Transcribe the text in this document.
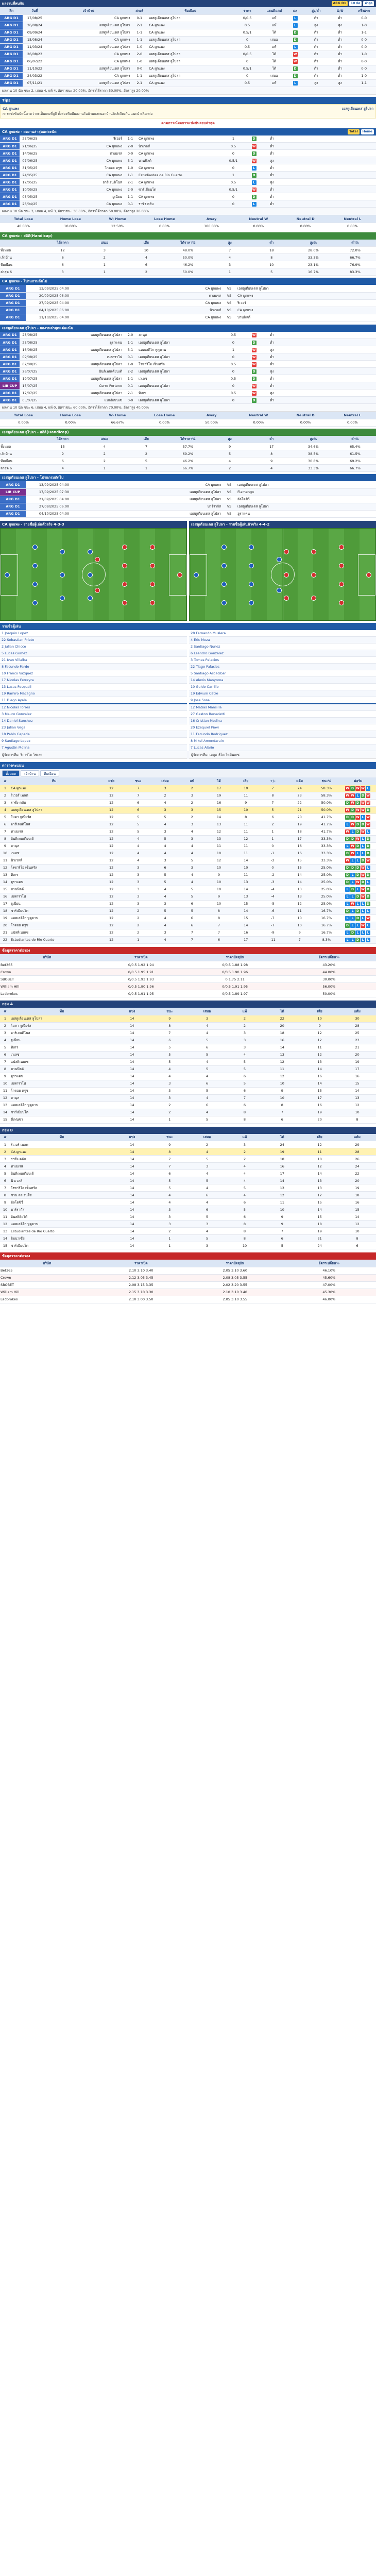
ผลงานที่พบกัน	ARG D1	10 นัด	ล่าสุด
ลีก	วันที่	เจ้าบ้าน	สกอร์	ทีมเยือน	ราคา	แฮนดิแคป	ผล	สูง/ต่ำ	O/U	ครึ่งแรก
ARG D1	17/08/25	CA ผูกแพง	0-1	เอสตูเดียนเตส ลูโปลา	0/0.5	แพ้	L	ต่ำ	ต่ำ	0-0
ARG D1	26/08/24	เอสตูเดียนเตส ลูโปลา	2-1	CA ผูกแพง	0.5	แพ้	L	สูง	สูง	1-0
ARG D1	09/09/24	เอสตูเดียนเตส ลูโปลา	1-1	CA ผูกแพง	0.5/1	ได้	D	ต่ำ	ต่ำ	1-1
ARG D1	15/08/24	CA ผูกแพง	1-1	เอสตูเดียนเตส ลูโปลา	0	เสมอ	D	ต่ำ	ต่ำ	0-0
ARG D1	11/03/24	เอสตูเดียนเตส ลูโปลา	1-0	CA ผูกแพง	0.5	แพ้	L	ต่ำ	ต่ำ	0-0
ARG D1	26/08/23	CA ผูกแพง	2-0	เอสตูเดียนเตส ลูโปลา	0/0.5	ได้	W	ต่ำ	ต่ำ	1-0
ARG D1	06/07/22	CA ผูกแพง	1-0	เอสตูเดียนเตส ลูโปลา	0	ได้	W	ต่ำ	ต่ำ	0-0
ARG D1	11/10/22	เอสตูเดียนเตส ลูโปลา	0-0	CA ผูกแพง	0.5/1	ได้	D	ต่ำ	ต่ำ	0-0
ARG D1	24/03/22	CA ผูกแพง	1-1	เอสตูเดียนเตส ลูโปลา	0	เสมอ	D	ต่ำ	ต่ำ	1-0
ARG D1	07/11/21	เอสตูเดียนเตส ลูโปลา	2-1	CA ผูกแพง	0.5	แพ้	L	สูง	สูง	1-1
ผลงาน 10 นัด ชนะ 2, เสมอ 4, แพ้ 4, อัตราชนะ 20.00%, อัตราได้ราคา 50.00%, อัตราสูง 20.00%
Tips
CA ผูกแพง	เอสตูเดียนเตส ลูโปลา
การแข่งขันนัดนี้คาดว่าจะเป็นเกมที่สูสี ทั้งสองทีมมีผลงานในบ้านและนอกบ้านใกล้เคียงกัน แนะนำเลือกต่อ
คาดการณ์ผลการแข่งขันรอบล่าสุด
CA ผูกแพง - ผลงานล่าสุดแต่ละนัด	Total	Home
ARG D1	27/06/25	ริเวอร์	1-1	CA ผูกแพง	1	D	ต่ำ	
ARG D1	21/06/25	CA ผูกแพง	2-0	นิวเวลส์	0.5	W	ต่ำ	
ARG D1	14/06/25	ทาเยเรส	0-0	CA ผูกแพง	0	D	ต่ำ	
ARG D1	07/06/25	CA ผูกแพง	3-1	บานฟิลด์	0.5/1	W	สูง	
ARG D1	31/05/25	โกดอย ครูซ	1-0	CA ผูกแพง	0	L	ต่ำ	
ARG D1	24/05/25	CA ผูกแพง	1-1	Estudiantes de Rio Cuarto	1	D	ต่ำ	
ARG D1	17/05/25	อาร์เจนติโนส	2-1	CA ผูกแพง	0.5	L	สูง	
ARG D1	10/05/25	CA ผูกแพง	2-0	ซาร์เมียนโต	0.5/1	W	ต่ำ	
ARG D1	03/05/25	ยูเนียน	1-1	CA ผูกแพง	0	D	ต่ำ	
ARG D1	26/04/25	CA ผูกแพง	0-1	ราซิ่ง คลับ	0	L	ต่ำ	
ผลงาน 10 นัด ชนะ 3, เสมอ 4, แพ้ 3, อัตราชนะ 30.00%, อัตราได้ราคา 50.00%, อัตราสูง 20.00%
Total Lose	Home Lose	W- Home	Lose Home	Away	Neutral W	Neutral D	Neutral L
40.00%	10.00%	12.50%	0.00%	100.00%	0.00%	0.00%	0.00%
CA ผูกแพง - สถิติ(Handicap)
	ได้ราคา	เสมอ	เสีย	ได้ราคา%	สูง	ต่ำ	สูง%	ต่ำ%
ทั้งหมด	12	3	10	48.0%	7	18	28.0%	72.0%
เจ้าบ้าน	6	2	4	50.0%	4	8	33.3%	66.7%
ทีมเยือน	6	1	6	46.2%	3	10	23.1%	76.9%
ล่าสุด 6	3	1	2	50.0%	1	5	16.7%	83.3%
CA ผูกแพง - โปรแกรมถัดไป
ARG D1	13/09/2025 04:00	CA ผูกแพง	VS	เอสตูเดียนเตส ลูโปลา
ARG D1	20/09/2025 06:00	ทาเยเรส	VS	CA ผูกแพง
ARG D1	27/09/2025 04:00	CA ผูกแพง	VS	ริเวอร์
ARG D1	04/10/2025 06:00	นิวเวลส์	VS	CA ผูกแพง
ARG D1	11/10/2025 04:00	CA ผูกแพง	VS	บานฟิลด์
เอสตูเดียนเตส ลูโปลา - ผลงานล่าสุดแต่ละนัด
ARG D1	28/08/25	เอสตูเดียนเตส ลูโปลา	2-0	ลานุส	0.5	W	ต่ำ	
ARG D1	23/08/25	ฮูราแคน	1-1	เอสตูเดียนเตส ลูโปลา	0	D	ต่ำ	
ARG D1	16/08/25	เอสตูเดียนเตส ลูโปลา	3-1	แอตเลติโก ทูคูมาน	1	W	สูง	
ARG D1	09/08/25	เบลกราโน่	0-1	เอสตูเดียนเตส ลูโปลา	0	W	ต่ำ	
ARG D1	02/08/25	เอสตูเดียนเตส ลูโปลา	1-0	โรซาริโอ เซ็นทรัล	0.5	W	ต่ำ	
ARG D1	26/07/25	อินดิเพนเดียนเต้	2-2	เอสตูเดียนเตส ลูโปลา	0	D	สูง	
ARG D1	19/07/25	เอสตูเดียนเตส ลูโปลา	1-1	เวเลซ	0.5	D	ต่ำ	
LIB CUP	15/07/25	Cerro Porteno	0-1	เอสตูเดียนเตส ลูโปลา	0	W	ต่ำ	
ARG D1	12/07/25	เอสตูเดียนเตส ลูโปลา	2-1	ทิเกร	0.5	W	สูง	
ARG D1	05/07/25	แปลติเนนเซ	0-0	เอสตูเดียนเตส ลูโปลา	0	D	ต่ำ	
ผลงาน 10 นัด ชนะ 6, เสมอ 4, แพ้ 0, อัตราชนะ 60.00%, อัตราได้ราคา 70.00%, อัตราสูง 40.00%
Total Lose	Home Lose	W- Home	Lose Home	Away	Neutral W	Neutral D	Neutral L
0.00%	0.00%	66.67%	0.00%	50.00%	0.00%	0.00%	0.00%
เอสตูเดียนเตส ลูโปลา - สถิติ(Handicap)
	ได้ราคา	เสมอ	เสีย	ได้ราคา%	สูง	ต่ำ	สูง%	ต่ำ%
ทั้งหมด	15	4	7	57.7%	9	17	34.6%	65.4%
เจ้าบ้าน	9	2	2	69.2%	5	8	38.5%	61.5%
ทีมเยือน	6	2	5	46.2%	4	9	30.8%	69.2%
ล่าสุด 6	4	1	1	66.7%	2	4	33.3%	66.7%
เอสตูเดียนเตส ลูโปลา - โปรแกรมถัดไป
ARG D1	13/09/2025 04:00	CA ผูกแพง	VS	เอสตูเดียนเตส ลูโปลา
LIB CUP	17/09/2025 07:30	เอสตูเดียนเตส ลูโปลา	VS	Flamengo
ARG D1	21/09/2025 04:00	เอสตูเดียนเตส ลูโปลา	VS	อัลโดซิวี่
ARG D1	27/09/2025 06:00	บาร์รากัส	VS	เอสตูเดียนเตส ลูโปลา
ARG D1	04/10/2025 04:00	เอสตูเดียนเตส ลูโปลา	VS	ฮูราแคน
CA ผูกแพง - รายชื่อผู้เล่นตัวจริง 4-3-3	เอสตูเดียนเตส ลูโปลา - รายชื่อผู้เล่นตัวจริง 4-4-2
รายชื่อผู้เล่น
1 Joaquin Lopez
22 Sebastian Prieto
2 Julian Chicco
5 Lucas Gomez
21 Ivan Villalba
8 Facundo Pardo
10 Franco Vazquez
17 Nicolas Ferreyra
13 Lucas Pasquali
19 Ramiro Macagno
11 Diego Ayala
12 Nicolas Torres
3 Mauro Gonzalez
14 Daniel Sanchez
23 Julian Vega
18 Pablo Cepeda
9 Santiago Lopez
7 Agustin Molina
28 Fernando Muslera
4 Eric Meza
2 Santiago Nunez
6 Leandro Gonzalez
3 Tomas Palacios
22 Tiago Palacios
5 Santiago Ascacibar
14 Alexis Manyoma
10 Guido Carrillo
19 Edwuin Cetre
9 Jose Sosa
12 Matias Mansilla
27 Gaston Benedetti
16 Cristian Medina
20 Ezequiel Piovi
11 Facundo Rodriguez
8 Mikel Amondarain
7 Lucas Alario
ผู้จัดการทีม: ริการ์โด โซเลด	ผู้จัดการทีม: เอดูอาร์โด โดมินเกซ
ตารางคะแนน
ทั้งหมด	เจ้าบ้าน	ทีมเยือน
#	ทีม	แข่ง	ชนะ	เสมอ	แพ้	ได้	เสีย	+/-	แต้ม	ชนะ%	ฟอร์ม
1	CA ผูกแพง	12	7	3	2	17	10	7	24	58.3%	W D W W L
2	ริเวอร์ เพลท	12	7	2	3	19	11	8	23	58.3%	W W L D W
3	ราซิ่ง คลับ	12	6	4	2	16	9	7	22	50.0%	D W D W W
4	เอสตูเดียนเตส ลูโปลา	12	6	3	3	15	10	5	21	50.0%	W D W W D
5	โบคา จูเนียร์ส	12	5	5	2	14	8	6	20	41.7%	D D W L W
6	อาร์เจนติโนส	12	5	4	3	13	11	2	19	41.7%	L W D D W
7	ทาเยเรส	12	5	3	4	12	11	1	18	41.7%	W L D W L
8	อินดิเพนเดียนเต้	12	4	5	3	13	12	1	17	33.3%	D D W L D
9	ลานุส	12	4	4	4	11	11	0	16	33.3%	L W D L D
10	เวเลซ	12	4	4	4	10	11	-1	16	33.3%	D W L L D
11	นิวเวลส์	12	4	3	5	12	14	-2	15	33.3%	W L L D W
12	โรซาริโอ เซ็นทรัล	12	3	6	3	10	10	0	15	25.0%	D D D W L
13	ทิเกร	12	3	5	4	9	11	-2	14	25.0%	D L D W D
14	ฮูราแคน	12	3	5	4	10	13	-3	14	25.0%	D L W D L
15	บานฟิลด์	12	3	4	5	10	14	-4	13	25.0%	L D L W D
16	เบลกราโน่	12	3	4	5	9	13	-4	13	25.0%	L L D W D
17	ยูเนียน	12	3	3	6	10	15	-5	12	25.0%	L W L L D
18	ซาร์เมียนโต	12	2	5	5	8	14	-6	11	16.7%	D L D L L
19	แอตเลติโก ทูคูมาน	12	2	4	6	8	15	-7	10	16.7%	L L D L W
20	โกดอย ครูซ	12	2	4	6	7	14	-7	10	16.7%	D L L W L
21	แปลติเนนเซ	12	2	3	7	7	16	-9	9	16.7%	L D L L L
22	Estudiantes de Rio Cuarto	12	1	4	7	6	17	-11	7	8.3%	L L D L L
ข้อมูลราคาต่อรอง
บริษัท	ราคาเปิด	ราคาปัจจุบัน	อัตราเปลี่ยน%
Bet365	0/0.5 1.92 1.94	0/0.5 1.88 1.98	43.20%
Crown	0/0.5 1.95 1.91	0/0.5 1.90 1.96	44.00%
SBOBET	0/0.5 1.93 1.93	0 1.75 2.11	30.00%
William Hill	0/0.5 1.90 1.96	0/0.5 1.91 1.95	56.00%
Ladbrokes	0/0.5 1.91 1.95	0/0.5 1.89 1.97	50.00%
กลุ่ม A
#	ทีม	แข่ง	ชนะ	เสมอ	แพ้	ได้	เสีย	แต้ม
1	เอสตูเดียนเตส ลูโปลา	14	9	3	2	22	10	30
2	โบคา จูเนียร์ส	14	8	4	2	20	9	28
3	อาร์เจนติโนส	14	7	4	3	18	12	25
4	ยูเนียน	14	6	5	3	16	12	23
5	ทิเกร	14	5	6	3	14	11	21
6	เวเลซ	14	5	5	4	13	12	20
7	แปลติเนนเซ	14	5	4	5	12	13	19
8	บานฟิลด์	14	4	5	5	11	14	17
9	ฮูราแคน	14	4	4	6	12	16	16
10	เบลกราโน่	14	3	6	5	10	14	15
11	โกดอย ครูซ	14	3	5	6	9	15	14
12	ลานุส	14	3	4	7	10	17	13
13	แอตเลติโก ทูคูมาน	14	2	6	6	8	16	12
14	ซาร์เมียนโต	14	2	4	8	7	19	10
15	ดีเฟนซ่า	14	1	5	8	6	20	8
กลุ่ม B
#	ทีม	แข่ง	ชนะ	เสมอ	แพ้	ได้	เสีย	แต้ม
1	ริเวอร์ เพลท	14	9	2	3	24	12	29
2	CA ผูกแพง	14	8	4	2	19	11	28
3	ราซิ่ง คลับ	14	7	5	2	18	10	26
4	ทาเยเรส	14	7	3	4	16	12	24
5	อินดิเพนเดียนเต้	14	6	4	4	17	14	22
6	นิวเวลส์	14	5	5	4	14	13	20
7	โรซาริโอ เซ็นทรัล	14	5	4	5	13	13	19
8	ซาน ลอเรนโซ่	14	4	6	4	12	12	18
9	อัลโดซิวี่	14	4	4	6	11	15	16
10	บาร์รากัส	14	3	6	5	10	14	15
11	อินสติติวโต้	14	3	5	6	9	15	14
12	แอตเลติโก ทูคูมาน	14	3	3	8	9	18	12
13	Estudiantes de Rio Cuarto	14	2	4	8	7	19	10
14	ยิมนาเซีย	14	1	5	8	6	21	8
15	ซาร์เมียนโต	14	1	3	10	5	24	6
ข้อมูลราคาต่อรอง
บริษัท	ราคาเปิด	ราคาปัจจุบัน	อัตราเปลี่ยน%
Bet365	2.10 3.10 3.40	2.05 3.10 3.60	46.10%
Crown	2.12 3.05 3.45	2.08 3.05 3.55	45.60%
SBOBET	2.08 3.15 3.35	2.02 3.20 3.55	47.00%
William Hill	2.15 3.10 3.30	2.10 3.10 3.40	45.30%
Ladbrokes	2.10 3.00 3.50	2.05 3.10 3.55	46.00%
